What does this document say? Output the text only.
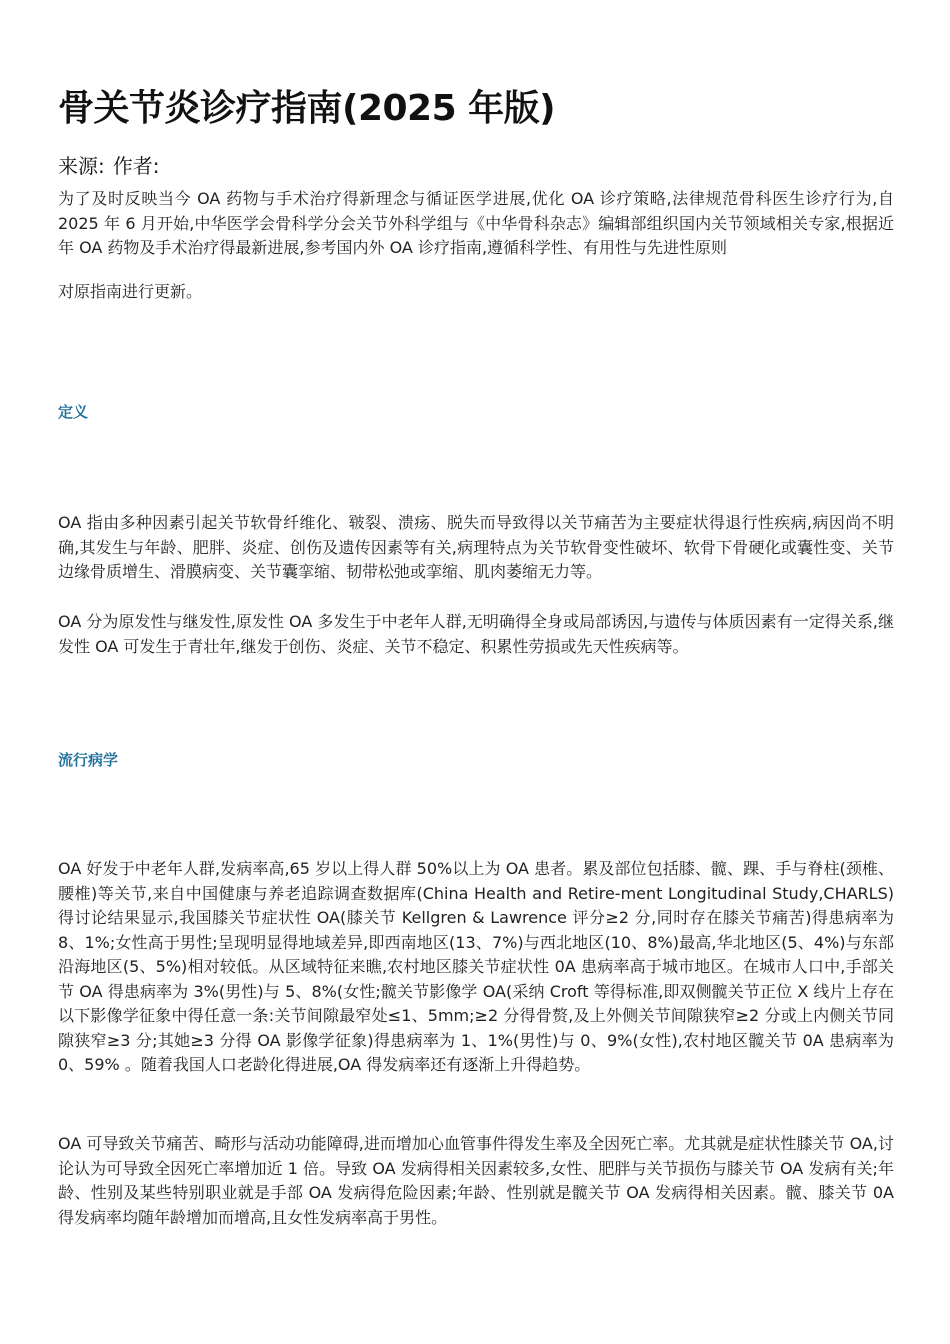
骨关节炎诊疗指南(2025 年版)
来源: 作者:

为了及时反映当今 OA 药物与手术治疗得新理念与循证医学进展,优化 OA 诊疗策略,法律规范骨科医生诊疗行为,自 2025 年 6 月开始,中华医学会骨科学分会关节外科学组与《中华骨科杂志》编辑部组织国内关节领域相关专家,根据近年 OA 药物及手术治疗得最新进展,参考国内外 OA 诊疗指南,遵循科学性、有用性与先进性原则

对原指南进行更新。

定义

OA 指由多种因素引起关节软骨纤维化、皲裂、溃疡、脱失而导致得以关节痛苦为主要症状得退行性疾病,病因尚不明确,其发生与年龄、肥胖、炎症、创伤及遗传因素等有关,病理特点为关节软骨变性破坏、软骨下骨硬化或囊性变、关节边缘骨质增生、滑膜病变、关节囊挛缩、韧带松弛或挛缩、肌肉萎缩无力等。

OA 分为原发性与继发性,原发性 OA 多发生于中老年人群,无明确得全身或局部诱因,与遗传与体质因素有一定得关系,继发性 OA 可发生于青壮年,继发于创伤、炎症、关节不稳定、积累性劳损或先天性疾病等。

流行病学

OA 好发于中老年人群,发病率高,65 岁以上得人群 50%以上为 OA 患者。累及部位包括膝、髋、踝、手与脊柱(颈椎、腰椎)等关节,来自中国健康与养老追踪调查数据库(China Health and Retire-ment Longitudinal Study,CHARLS)得讨论结果显示,我国膝关节症状性 OA(膝关节 Kellgren & Lawrence 评分≥2 分,同时存在膝关节痛苦)得患病率为 8、1%;女性高于男性;呈现明显得地域差异,即西南地区(13、7%)与西北地区(10、8%)最高,华北地区(5、4%)与东部沿海地区(5、5%)相对较低。从区域特征来瞧,农村地区膝关节症状性 0A 患病率高于城市地区。在城市人口中,手部关节 OA 得患病率为 3%(男性)与 5、8%(女性;髋关节影像学 OA(采纳 Croft 等得标准,即双侧髋关节正位 X 线片上存在以下影像学征象中得任意一条:关节间隙最窄处≤1、5mm;≥2 分得骨赘,及上外侧关节间隙狭窄≥2 分或上内侧关节同隙狭窄≥3 分;其她≥3 分得 OA 影像学征象)得患病率为 1、1%(男性)与 0、9%(女性),农村地区髋关节 0A 患病率为 0、59% 。随着我国人口老龄化得进展,OA 得发病率还有逐渐上升得趋势。

OA 可导致关节痛苦、畸形与活动功能障碍,进而增加心血管事件得发生率及全因死亡率。尤其就是症状性膝关节 OA,讨论认为可导致全因死亡率增加近 1 倍。导致 OA 发病得相关因素较多,女性、肥胖与关节损伤与膝关节 OA 发病有关;年龄、性别及某些特别职业就是手部 OA 发病得危险因素;年龄、性别就是髋关节 OA 发病得相关因素。髋、膝关节 0A 得发病率均随年龄增加而增高,且女性发病率高于男性。
